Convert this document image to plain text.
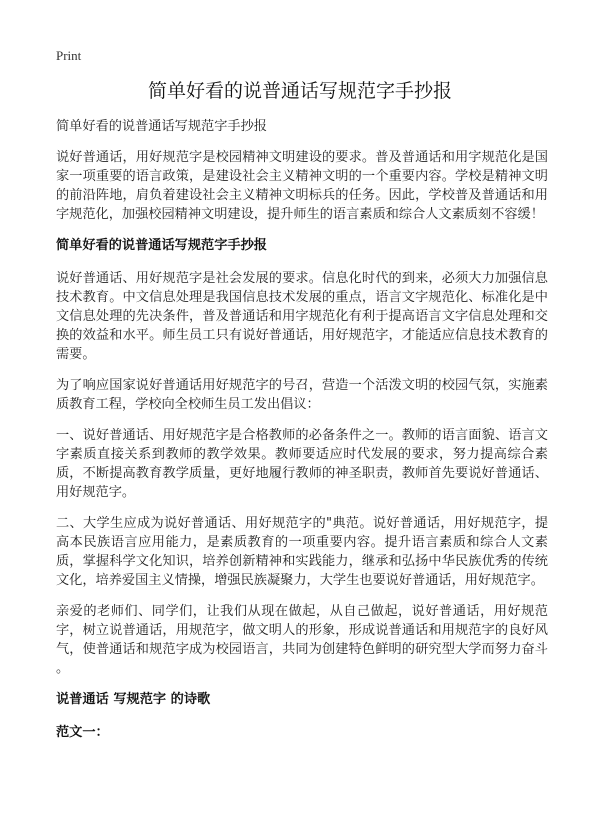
Print
简单好看的说普通话写规范字手抄报
简单好看的说普通话写规范字手抄报

说好普通话，用好规范字是校园精神文明建设的要求。普及普通话和用字规范化是国家一项重要的语言政策，是建设社会主义精神文明的一个重要内容。学校是精神文明的前沿阵地，肩负着建设社会主义精神文明标兵的任务。因此，学校普及普通话和用字规范化，加强校园精神文明建设，提升师生的语言素质和综合人文素质刻不容缓！

简单好看的说普通话写规范字手抄报

说好普通话、用好规范字是社会发展的要求。信息化时代的到来，必须大力加强信息技术教育。中文信息处理是我国信息技术发展的重点，语言文字规范化、标准化是中文信息处理的先决条件，普及普通话和用字规范化有利于提高语言文字信息处理和交换的效益和水平。师生员工只有说好普通话，用好规范字，才能适应信息技术教育的需要。

为了响应国家说好普通话用好规范字的号召，营造一个活泼文明的校园气氛，实施素质教育工程，学校向全校师生员工发出倡议：

一、说好普通话、用好规范字是合格教师的必备条件之一。教师的语言面貌、语言文字素质直接关系到教师的教学效果。教师要适应时代发展的要求，努力提高综合素质，不断提高教育教学质量，更好地履行教师的神圣职责，教师首先要说好普通话、用好规范字。

二、大学生应成为说好普通话、用好规范字的"典范。说好普通话，用好规范字，提高本民族语言应用能力，是素质教育的一项重要内容。提升语言素质和综合人文素质，掌握科学文化知识，培养创新精神和实践能力，继承和弘扬中华民族优秀的传统文化，培养爱国主义情操，增强民族凝聚力，大学生也要说好普通话，用好规范字。

亲爱的老师们、同学们，让我们从现在做起，从自己做起，说好普通话，用好规范字，树立说普通话，用规范字，做文明人的形象，形成说普通话和用规范字的良好风气，使普通话和规范字成为校园语言，共同为创建特色鲜明的研究型大学而努力奋斗 。

说普通话 写规范字 的诗歌
范文一：
